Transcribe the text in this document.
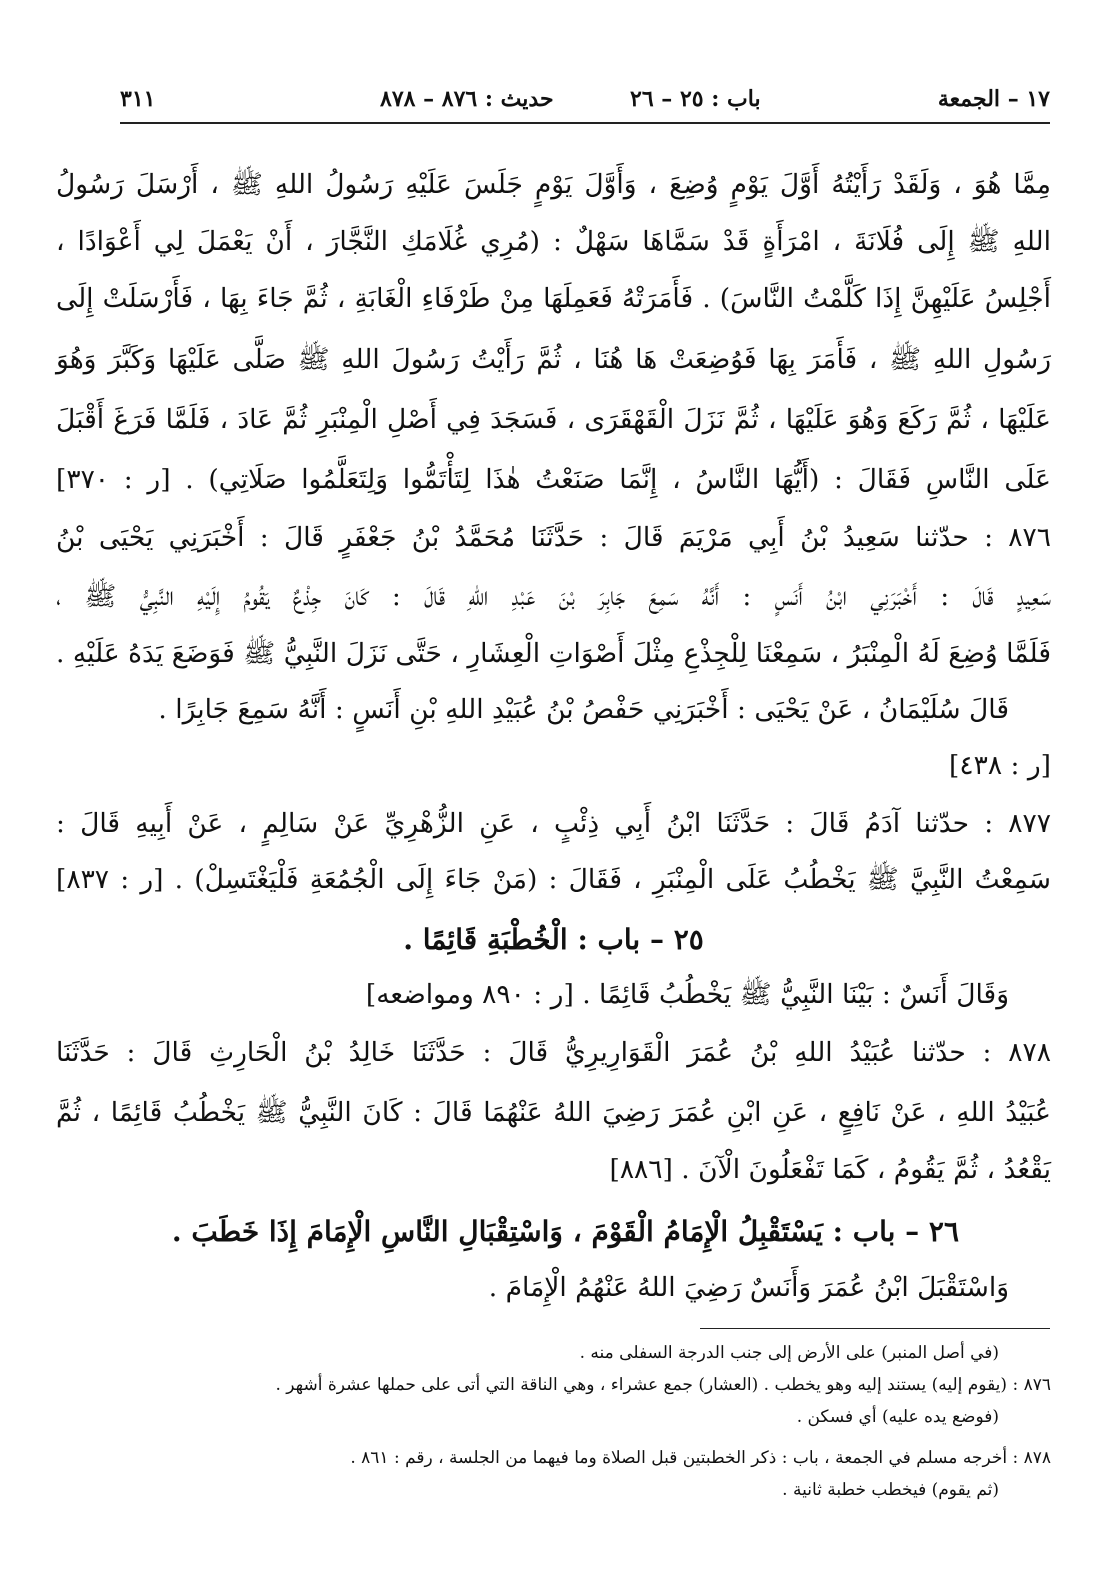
١٧ – الجمعة
باب : ٢٥ – ٢٦
حديث : ٨٧٦ – ٨٧٨
٣١١
مِمَّا هُوَ ، وَلَقَدْ رَأَيْتُهُ أَوَّلَ يَوْمٍ وُضِعَ ، وَأَوَّلَ يَوْمٍ جَلَسَ عَلَيْهِ رَسُولُ اللهِ ﷺ ، أَرْسَلَ رَسُولُ
اللهِ ﷺ إِلَى فُلَانَةَ ، امْرَأَةٍ قَدْ سَمَّاهَا سَهْلٌ : (مُرِي غُلَامَكِ النَّجَّارَ ، أَنْ يَعْمَلَ لِي أَعْوَادًا ،
أَجْلِسُ عَلَيْهِنَّ إِذَا كَلَّمْتُ النَّاسَ) . فَأَمَرَتْهُ فَعَمِلَهَا مِنْ طَرْفَاءِ الْغَابَةِ ، ثُمَّ جَاءَ بِهَا ، فَأَرْسَلَتْ إِلَى
رَسُولِ اللهِ ﷺ ، فَأَمَرَ بِهَا فَوُضِعَتْ هَا هُنَا ، ثُمَّ رَأَيْتُ رَسُولَ اللهِ ﷺ صَلَّى عَلَيْهَا وَكَبَّرَ وَهُوَ
عَلَيْهَا ، ثُمَّ رَكَعَ وَهُوَ عَلَيْهَا ، ثُمَّ نَزَلَ الْقَهْقَرَى ، فَسَجَدَ فِي أَصْلِ الْمِنْبَرِ ثُمَّ عَادَ ، فَلَمَّا فَرَغَ أَقْبَلَ
عَلَى النَّاسِ فَقَالَ : (أَيُّهَا النَّاسُ ، إِنَّمَا صَنَعْتُ هٰذَا لِتَأْتَمُّوا وَلِتَعَلَّمُوا صَلَاتِي) . [ر : ٣٧٠]
٨٧٦ : حدّثنا سَعِيدُ بْنُ أَبِي مَرْيَمَ قَالَ : حَدَّثَنَا مُحَمَّدُ بْنُ جَعْفَرٍ قَالَ : أَخْبَرَنِي يَحْيَى بْنُ
سَعِيدٍ قَالَ : أَخْبَرَنِي ابْنُ أَنَسٍ : أَنَّهُ سَمِعَ جَابِرَ بْنَ عَبْدِ اللهِ قَالَ : كَانَ جِذْعٌ يَقُومُ إِلَيْهِ النَّبِيُّ ﷺ ،
فَلَمَّا وُضِعَ لَهُ الْمِنْبَرُ ، سَمِعْنَا لِلْجِذْعِ مِثْلَ أَصْوَاتِ الْعِشَارِ ، حَتَّى نَزَلَ النَّبِيُّ ﷺ فَوَضَعَ يَدَهُ عَلَيْهِ .
قَالَ سُلَيْمَانُ ، عَنْ يَحْيَى : أَخْبَرَنِي حَفْصُ بْنُ عُبَيْدِ اللهِ بْنِ أَنَسٍ : أَنَّهُ سَمِعَ جَابِرًا .
[ر : ٤٣٨]
٨٧٧ : حدّثنا آدَمُ قَالَ : حَدَّثَنَا ابْنُ أَبِي ذِئْبٍ ، عَنِ الزُّهْرِيِّ عَنْ سَالِمٍ ، عَنْ أَبِيهِ قَالَ :
سَمِعْتُ النَّبِيَّ ﷺ يَخْطُبُ عَلَى الْمِنْبَرِ ، فَقَالَ : (مَنْ جَاءَ إِلَى الْجُمُعَةِ فَلْيَغْتَسِلْ) . [ر : ٨٣٧]
٢٥ – باب : الْخُطْبَةِ قَائِمًا .
وَقَالَ أَنَسٌ : بَيْنَا النَّبِيُّ ﷺ يَخْطُبُ قَائِمًا . [ر : ٨٩٠ ومواضعه]
٨٧٨ : حدّثنا عُبَيْدُ اللهِ بْنُ عُمَرَ الْقَوَارِيرِيُّ قَالَ : حَدَّثَنَا خَالِدُ بْنُ الْحَارِثِ قَالَ : حَدَّثَنَا
عُبَيْدُ اللهِ ، عَنْ نَافِعٍ ، عَنِ ابْنِ عُمَرَ رَضِيَ اللهُ عَنْهُمَا قَالَ : كَانَ النَّبِيُّ ﷺ يَخْطُبُ قَائِمًا ، ثُمَّ
يَقْعُدُ ، ثُمَّ يَقُومُ ، كَمَا تَفْعَلُونَ الْآنَ . [٨٨٦]
٢٦ – باب : يَسْتَقْبِلُ الْإِمَامُ الْقَوْمَ ، وَاسْتِقْبَالِ النَّاسِ الْإِمَامَ إِذَا خَطَبَ .
وَاسْتَقْبَلَ ابْنُ عُمَرَ وَأَنَسٌ رَضِيَ اللهُ عَنْهُمُ الْإِمَامَ .
(في أصل المنبر) على الأرض إلى جنب الدرجة السفلى منه .
٨٧٦ : (يقوم إليه) يستند إليه وهو يخطب . (العشار) جمع عشراء ، وهي الناقة التي أتى على حملها عشرة أشهر .
(فوضع يده عليه) أي فسكن .
٨٧٨ : أخرجه مسلم في الجمعة ، باب : ذكر الخطبتين قبل الصلاة وما فيهما من الجلسة ، رقم : ٨٦١ .
(ثم يقوم) فيخطب خطبة ثانية .
